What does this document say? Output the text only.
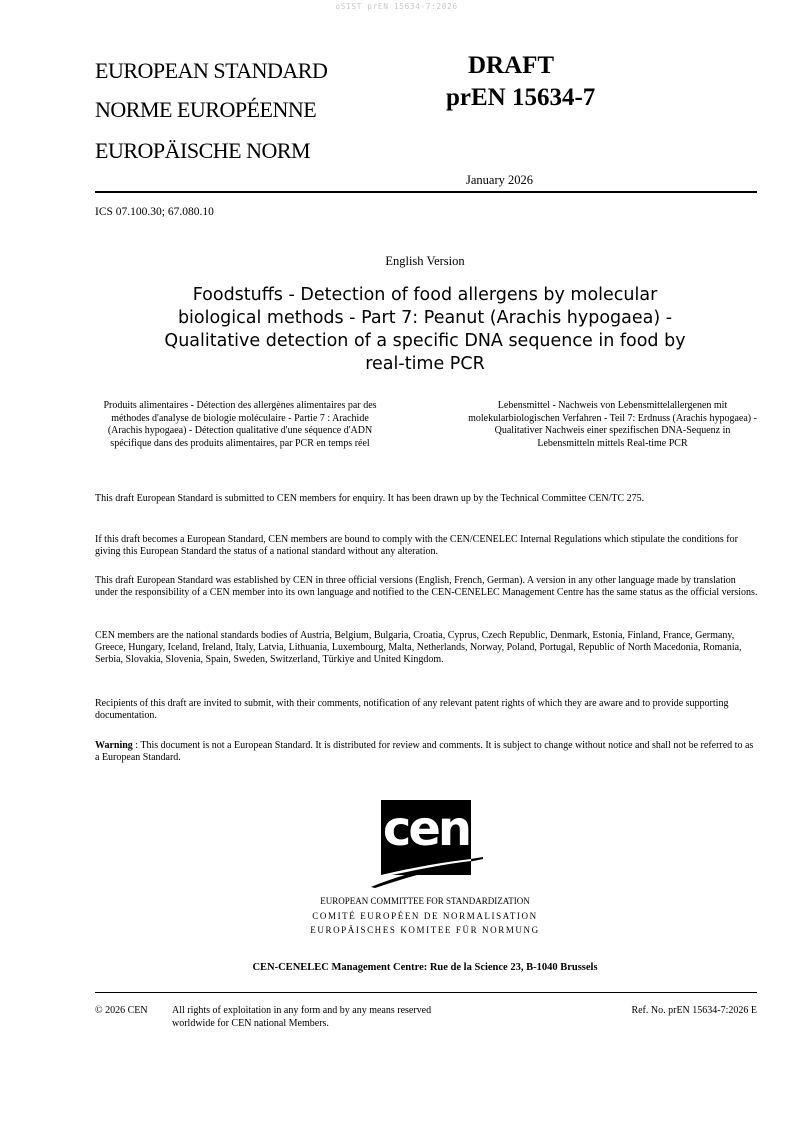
oSIST prEN 15634-7:2026
EUROPEAN STANDARD
NORME EUROPÉENNE
EUROPÄISCHE NORM
DRAFT
prEN 15634-7
January 2026
ICS 07.100.30; 67.080.10
English Version
Foodstuffs - Detection of food allergens by molecular biological methods - Part 7: Peanut (Arachis hypogaea) - Qualitative detection of a specific DNA sequence in food by real-time PCR
Produits alimentaires - Détection des allergènes alimentaires par des méthodes d'analyse de biologie moléculaire - Partie 7 : Arachide (Arachis hypogaea) - Détection qualitative d'une séquence d'ADN spécifique dans des produits alimentaires, par PCR en temps réel
Lebensmittel - Nachweis von Lebensmittelallergenen mit molekularbiologischen Verfahren - Teil 7: Erdnuss (Arachis hypogaea) - Qualitativer Nachweis einer spezifischen DNA-Sequenz in Lebensmitteln mittels Real-time PCR
This draft European Standard is submitted to CEN members for enquiry. It has been drawn up by the Technical Committee CEN/TC 275.
If this draft becomes a European Standard, CEN members are bound to comply with the CEN/CENELEC Internal Regulations which stipulate the conditions for giving this European Standard the status of a national standard without any alteration.
This draft European Standard was established by CEN in three official versions (English, French, German). A version in any other language made by translation under the responsibility of a CEN member into its own language and notified to the CEN-CENELEC Management Centre has the same status as the official versions.
CEN members are the national standards bodies of Austria, Belgium, Bulgaria, Croatia, Cyprus, Czech Republic, Denmark, Estonia, Finland, France, Germany, Greece, Hungary, Iceland, Ireland, Italy, Latvia, Lithuania, Luxembourg, Malta, Netherlands, Norway, Poland, Portugal, Republic of North Macedonia, Romania, Serbia, Slovakia, Slovenia, Spain, Sweden, Switzerland, Türkiye and United Kingdom.
Recipients of this draft are invited to submit, with their comments, notification of any relevant patent rights of which they are aware and to provide supporting documentation.
Warning : This document is not a European Standard. It is distributed for review and comments. It is subject to change without notice and shall not be referred to as a European Standard.
cen
EUROPEAN COMMITTEE FOR STANDARDIZATION
COMITÉ EUROPÉEN DE NORMALISATION
EUROPÄISCHES KOMITEE FÜR NORMUNG
CEN-CENELEC Management Centre: Rue de la Science 23, B-1040 Brussels
© 2026 CEN All rights of exploitation in any form and by any means reserved
worldwide for CEN national Members.
Ref. No. prEN 15634-7:2026 E
